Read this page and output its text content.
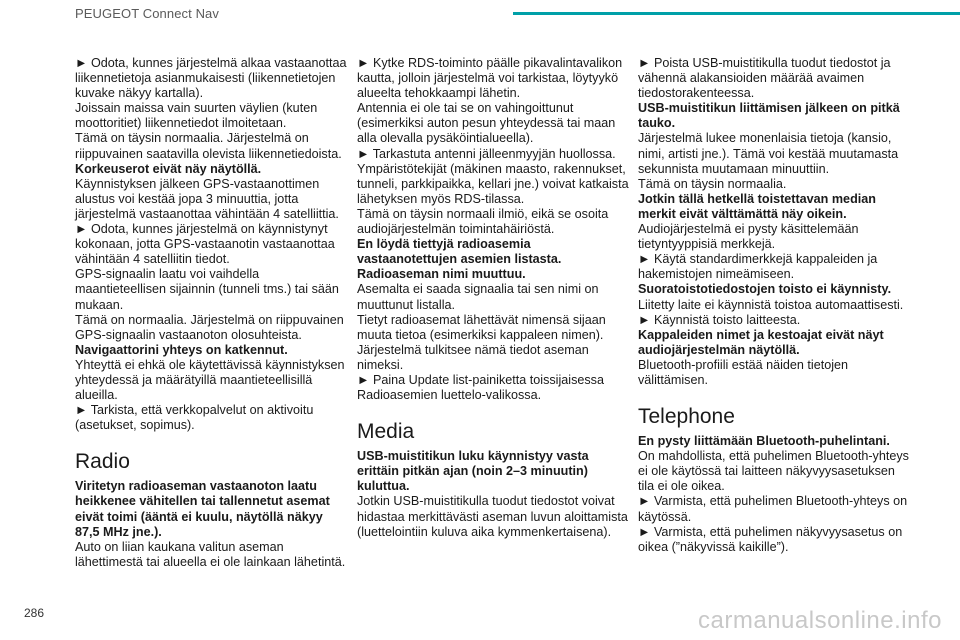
PEUGEOT Connect Nav

► Odota, kunnes järjestelmä alkaa vastaanottaa liikennetietoja asianmukaisesti (liikennetietojen kuvake näkyy kartalla).

Joissain maissa vain suurten väylien (kuten moottoritiet) liikennetiedot ilmoitetaan.

Tämä on täysin normaalia. Järjestelmä on riippuvainen saatavilla olevista liikennetiedoista.

Korkeuserot eivät näy näytöllä.

Käynnistyksen jälkeen GPS-vastaanottimen alustus voi kestää jopa 3 minuuttia, jotta järjestelmä vastaanottaa vähintään 4 satelliittia.

► Odota, kunnes järjestelmä on käynnistynyt kokonaan, jotta GPS-vastaanotin vastaanottaa vähintään 4 satelliitin tiedot.

GPS-signaalin laatu voi vaihdella maantieteellisen sijainnin (tunneli tms.) tai sään mukaan.

Tämä on normaalia. Järjestelmä on riippuvainen GPS-signaalin vastaanoton olosuhteista.

Navigaattorini yhteys on katkennut.

Yhteyttä ei ehkä ole käytettävissä käynnistyksen yhteydessä ja määrätyillä maantieteellisillä alueilla.

► Tarkista, että verkkopalvelut on aktivoitu (asetukset, sopimus).

Radio

Viritetyn radioaseman vastaanoton laatu heikkenee vähitellen tai tallennetut asemat eivät toimi (ääntä ei kuulu, näytöllä näkyy 87,5 MHz jne.).

Auto on liian kaukana valitun aseman lähettimestä tai alueella ei ole lainkaan lähetintä.

► Kytke RDS-toiminto päälle pikavalintavalikon kautta, jolloin järjestelmä voi tarkistaa, löytyykö alueelta tehokkaampi lähetin.

Antennia ei ole tai se on vahingoittunut (esimerkiksi auton pesun yhteydessä tai maan alla olevalla pysäköintialueella).

► Tarkastuta antenni jälleenmyyjän huollossa.

Ympäristötekijät (mäkinen maasto, rakennukset, tunneli, parkkipaikka, kellari jne.) voivat katkaista lähetyksen myös RDS-tilassa.

Tämä on täysin normaali ilmiö, eikä se osoita audiojärjestelmän toimintahäiriöstä.

En löydä tiettyjä radioasemia vastaanotettujen asemien listasta.

Radioaseman nimi muuttuu.

Asemalta ei saada signaalia tai sen nimi on muuttunut listalla.

Tietyt radioasemat lähettävät nimensä sijaan muuta tietoa (esimerkiksi kappaleen nimen). Järjestelmä tulkitsee nämä tiedot aseman nimeksi.

► Paina Update list-painiketta toissijaisessa Radioasemien luettelo-valikossa.

Media

USB-muistitikun luku käynnistyy vasta erittäin pitkän ajan (noin 2–3 minuutin) kuluttua.

Jotkin USB-muistitikulla tuodut tiedostot voivat hidastaa merkittävästi aseman luvun aloittamista (luettelointiin kuluva aika kymmenkertaisena).

► Poista USB-muistitikulla tuodut tiedostot ja vähennä alakansioiden määrää avaimen tiedostorakenteessa.

USB-muistitikun liittämisen jälkeen on pitkä tauko.

Järjestelmä lukee monenlaisia tietoja (kansio, nimi, artisti jne.). Tämä voi kestää muutamasta sekunnista muutamaan minuuttiin.

Tämä on täysin normaalia.

Jotkin tällä hetkellä toistettavan median merkit eivät välttämättä näy oikein.

Audiojärjestelmä ei pysty käsittelemään tietyntyyppisiä merkkejä.

► Käytä standardimerkkejä kappaleiden ja hakemistojen nimeämiseen.

Suoratoistotiedostojen toisto ei käynnisty.

Liitetty laite ei käynnistä toistoa automaattisesti.

► Käynnistä toisto laitteesta.

Kappaleiden nimet ja kestoajat eivät näyt audiojärjestelmän näytöllä.

Bluetooth-profiili estää näiden tietojen välittämisen.

Telephone

En pysty liittämään Bluetooth-puhelintani.

On mahdollista, että puhelimen Bluetooth-yhteys ei ole käytössä tai laitteen näkyvyysasetuksen tila ei ole oikea.

► Varmista, että puhelimen Bluetooth-yhteys on käytössä.

► Varmista, että puhelimen näkyvyysasetus on oikea (”näkyvissä kaikille”).

286	carmanualsonline.info
